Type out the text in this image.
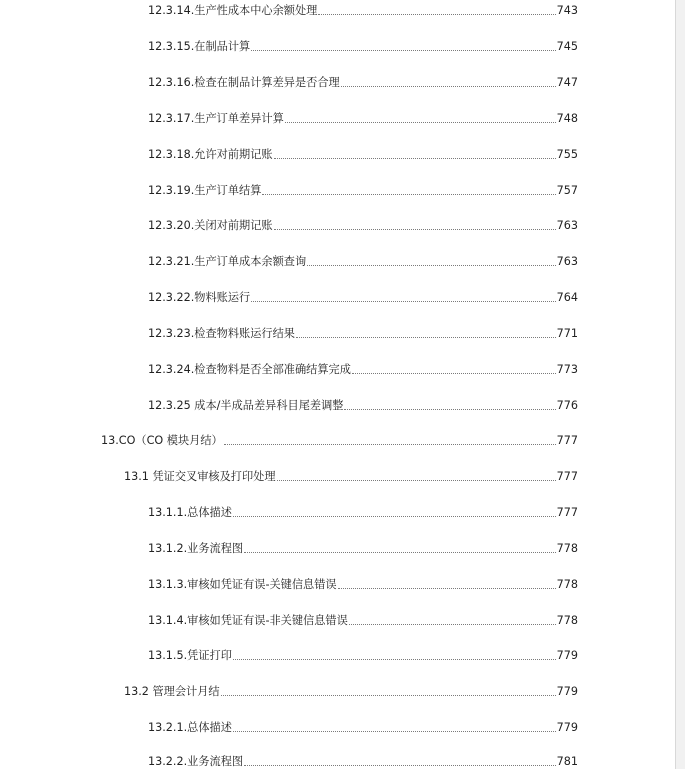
12.3.14.生产性成本中心余额处理	743
12.3.15.在制品计算	745
12.3.16.检查在制品计算差异是否合理	747
12.3.17.生产订单差异计算	748
12.3.18.允许对前期记账	755
12.3.19.生产订单结算	757
12.3.20.关闭对前期记账	763
12.3.21.生产订单成本余额查询	763
12.3.22.物料账运行	764
12.3.23.检查物料账运行结果	771
12.3.24.检查物料是否全部准确结算完成	773
12.3.25 成本/半成品差异科目尾差调整	776
13.CO（CO 模块月结）	777
13.1 凭证交叉审核及打印处理	777
13.1.1.总体描述	777
13.1.2.业务流程图	778
13.1.3.审核如凭证有误-关键信息错误	778
13.1.4.审核如凭证有误-非关键信息错误	778
13.1.5.凭证打印	779
13.2 管理会计月结	779
13.2.1.总体描述	779
13.2.2.业务流程图	781
